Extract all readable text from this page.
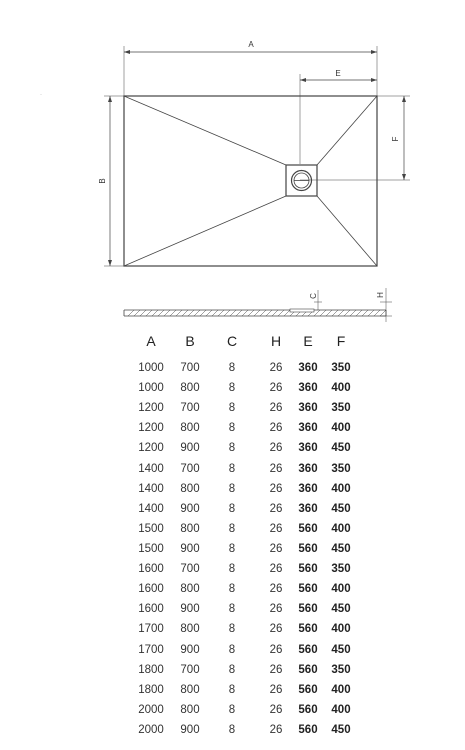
A
E
B
F
C	H
·
A B C H E F
1000 700	8	26 360 350
1000 800	8	26 360 400
1200 700	8	26 360 350
1200 800	8	26 360 400
1200 900	8	26 360 450
1400 700	8	26 360 350
1400 800	8	26 360 400
1400 900	8	26 360 450
1500 800	8	26 560 400
1500 900	8	26 560 450
1600 700	8	26 560 350
1600 800	8	26 560 400
1600 900	8	26 560 450
1700 800	8	26 560 400
1700 900	8	26 560 450
1800 700	8	26 560 350
1800 800	8	26 560 400
2000 800	8	26 560 400
2000 900	8	26 560 450
